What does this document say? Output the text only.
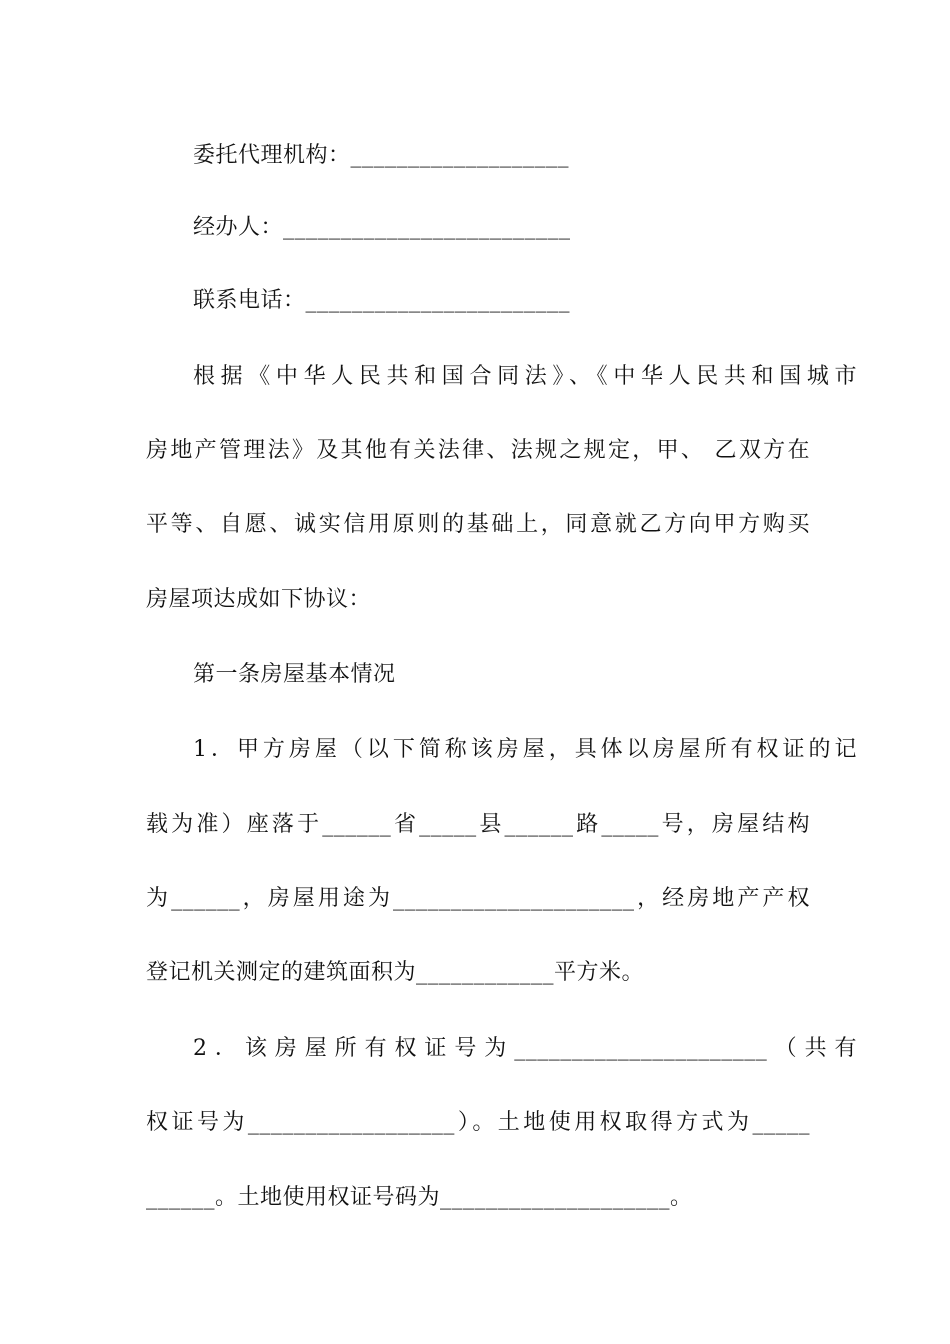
委托代理机构：___________________
经办人：_________________________
联系电话：_______________________
根据《中华人民共和国合同法》、《中华人民共和国城市
房地产管理法》及其他有关法律、法规之规定，甲、 乙双方在
平等、自愿、诚实信用原则的基础上，同意就乙方向甲方购买
房屋项达成如下协议：
第一条房屋基本情况
1．甲方房屋（以下简称该房屋，具体以房屋所有权证的记
载为准）座落于______省_____县______路_____号，房屋结构
为______，房屋用途为_____________________，经房地产产权
登记机关测定的建筑面积为____________平方米。
2．该房屋所有权证号为______________________（共有
权证号为__________________）。土地使用权取得方式为_____
______。土地使用权证号码为____________________。
